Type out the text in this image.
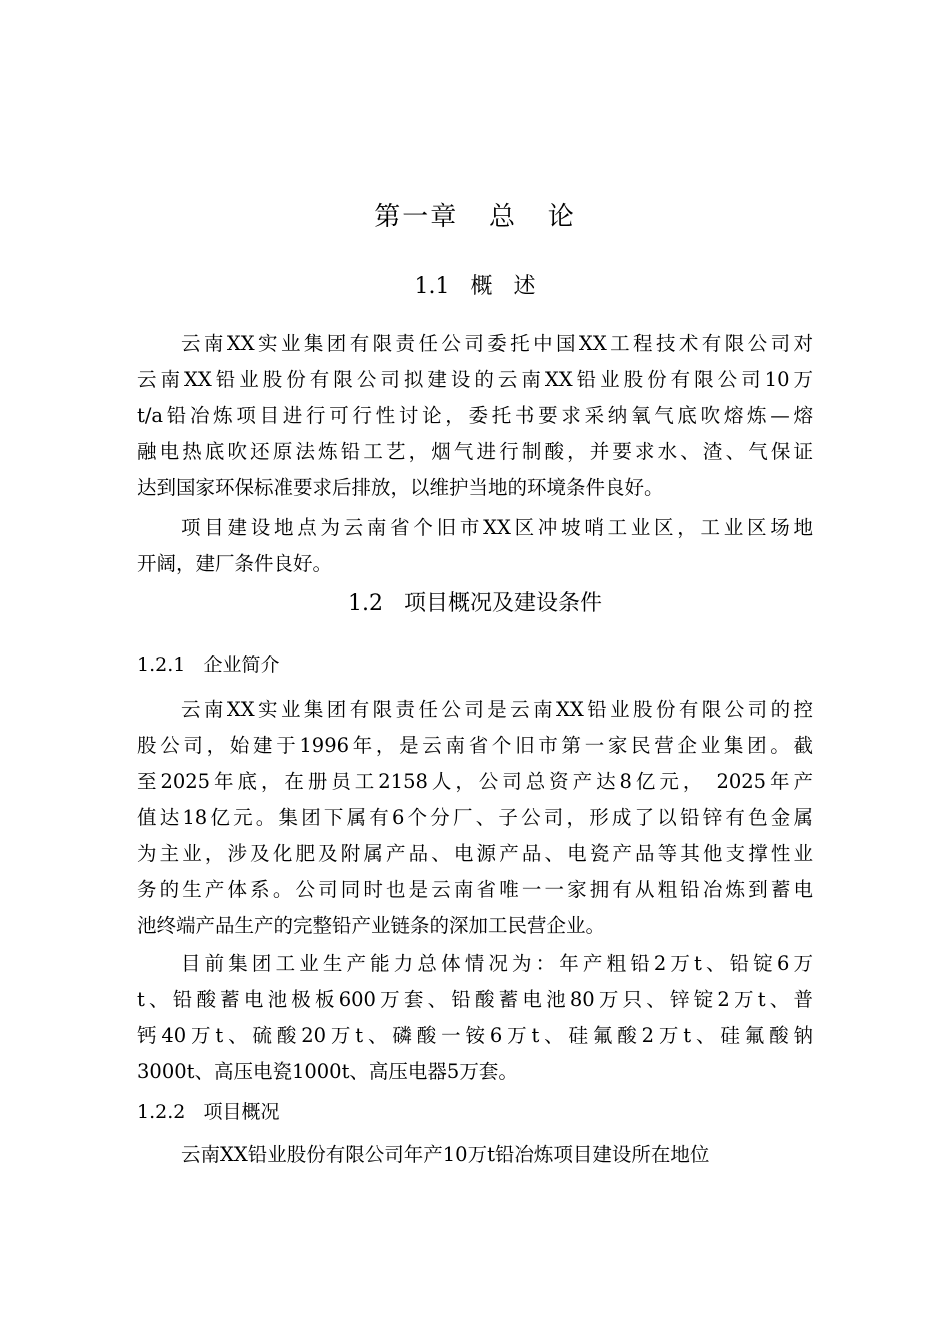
第一章   总   论
1.1   概   述
云南XX实业集团有限责任公司委托中国XX工程技术有限公司对
云南XX铅业股份有限公司拟建设的云南XX铅业股份有限公司10万
t/a铅冶炼项目进行可行性讨论，委托书要求采纳氧气底吹熔炼—熔
融电热底吹还原法炼铅工艺，烟气进行制酸，并要求水、渣、气保证
达到国家环保标准要求后排放，以维护当地的环境条件良好。
项目建设地点为云南省个旧市XX区冲坡哨工业区，工业区场地
开阔，建厂条件良好。
1.2   项目概况及建设条件
1.2.1   企业简介
云南XX实业集团有限责任公司是云南XX铅业股份有限公司的控
股公司，始建于1996年，是云南省个旧市第一家民营企业集团。截
至2025年底，在册员工2158人，公司总资产达8亿元， 2025年产
值达18亿元。集团下属有6个分厂、子公司，形成了以铅锌有色金属
为主业，涉及化肥及附属产品、电源产品、电瓷产品等其他支撑性业
务的生产体系。公司同时也是云南省唯一一家拥有从粗铅冶炼到蓄电
池终端产品生产的完整铅产业链条的深加工民营企业。
目前集团工业生产能力总体情况为：年产粗铅2万t、铅锭6万
t、铅酸蓄电池极板600万套、铅酸蓄电池80万只、锌锭2万t、普
钙40万t、硫酸20万t、磷酸一铵6万t、硅氟酸2万t、硅氟酸钠
3000t、高压电瓷1000t、高压电器5万套。
1.2.2   项目概况
云南XX铅业股份有限公司年产10万t铅冶炼项目建设所在地位
